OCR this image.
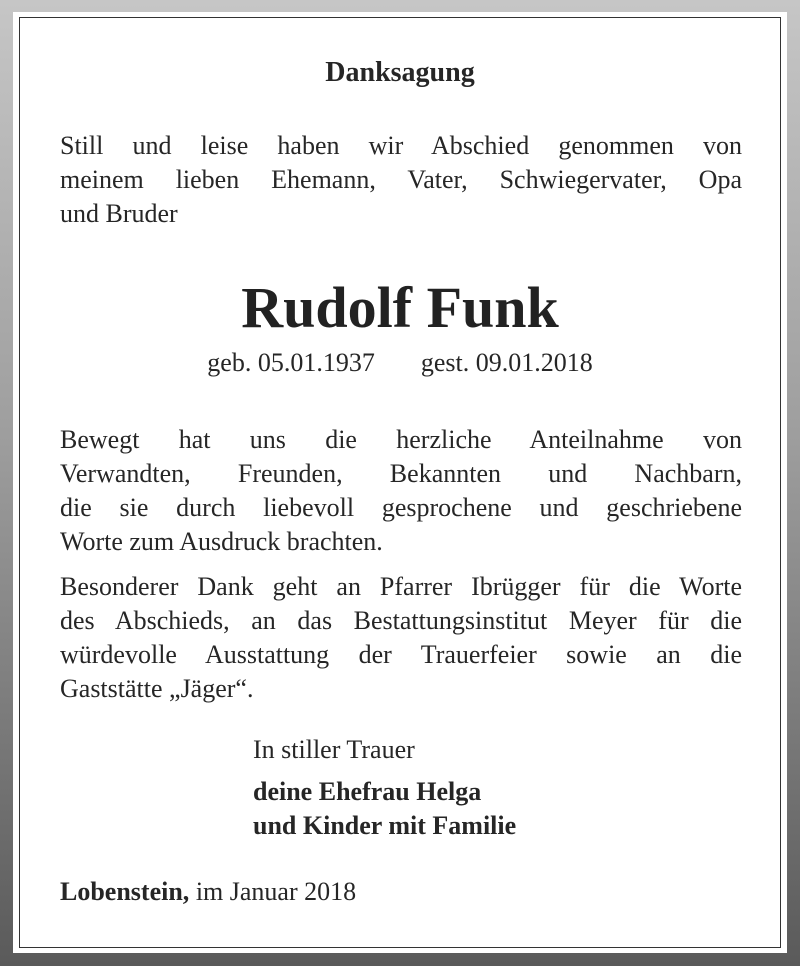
Danksagung

Still und leise haben wir Abschied genommen von
meinem lieben Ehemann, Vater, Schwiegervater, Opa
und Bruder

Rudolf Funk
geb. 05.01.1937 gest. 09.01.2018

Bewegt hat uns die herzliche Anteilnahme von
Verwandten, Freunden, Bekannten und Nachbarn,
die sie durch liebevoll gesprochene und geschriebene
Worte zum Ausdruck brachten.

Besonderer Dank geht an Pfarrer Ibrügger für die Worte
des Abschieds, an das Bestattungsinstitut Meyer für die
würdevolle Ausstattung der Trauerfeier sowie an die
Gaststätte „Jäger“.

In stiller Trauer
deine Ehefrau Helga
und Kinder mit Familie
Lobenstein, im Januar 2018
